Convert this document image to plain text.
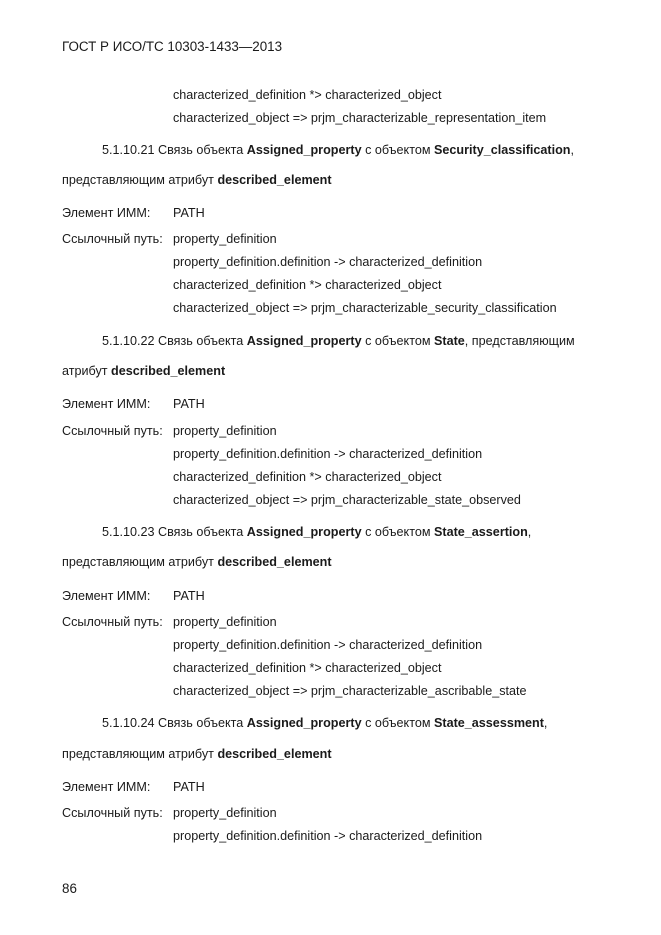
ГОСТ Р ИСО/ТС 10303-1433—2013
characterized_definition *> characterized_object
characterized_object => prjm_characterizable_representation_item
5.1.10.21 Связь объекта Assigned_property с объектом Security_classification,
представляющим атрибут described_element
Элемент ИММ: PATH
Ссылочный путь: property_definition
property_definition.definition -> characterized_definition
characterized_definition *> characterized_object
characterized_object => prjm_characterizable_security_classification
5.1.10.22 Связь объекта Assigned_property с объектом State, представляющим
атрибут described_element
Элемент ИММ: PATH
Ссылочный путь: property_definition
property_definition.definition -> characterized_definition
characterized_definition *> characterized_object
characterized_object => prjm_characterizable_state_observed
5.1.10.23 Связь объекта Assigned_property с объектом State_assertion,
представляющим атрибут described_element
Элемент ИММ: PATH
Ссылочный путь: property_definition
property_definition.definition -> characterized_definition
characterized_definition *> characterized_object
characterized_object => prjm_characterizable_ascribable_state
5.1.10.24 Связь объекта Assigned_property с объектом State_assessment,
представляющим атрибут described_element
Элемент ИММ: PATH
Ссылочный путь: property_definition
property_definition.definition -> characterized_definition
86
